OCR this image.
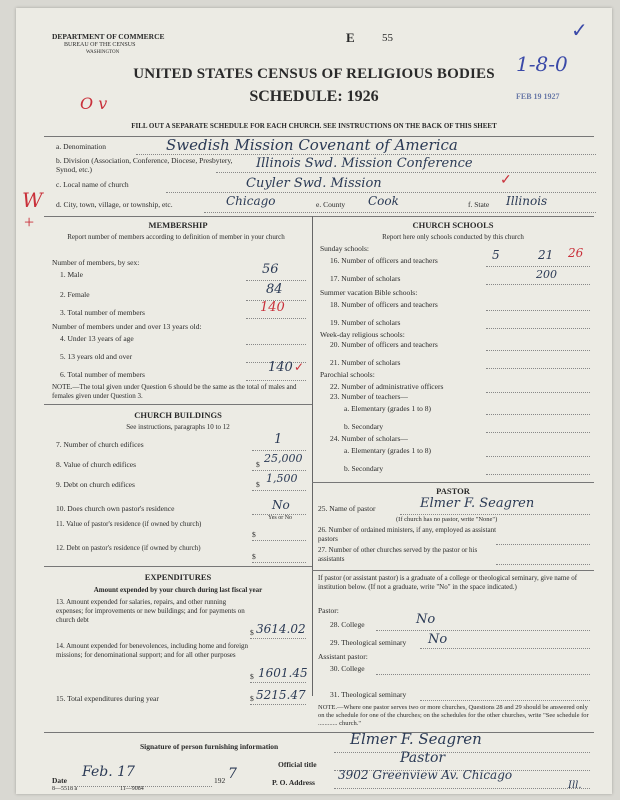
DEPARTMENT OF COMMERCE
BUREAU OF THE CENSUS
WASHINGTON
E 55
1-8-0
✓
FEB 19 1927
O v
UNITED STATES CENSUS OF RELIGIOUS BODIES
SCHEDULE: 1926
FILL OUT A SEPARATE SCHEDULE FOR EACH CHURCH. SEE INSTRUCTIONS ON THE BACK OF THIS SHEET
a. Denomination	Swedish Mission Covenant of America
b. Division (Association, Conference, Diocese, Presbytery, Synod, etc.)	Illinois Swd. Mission Conference
c. Local name of church	Cuyler Swd. Mission	✓
d. City, town, village, or township, etc.	Chicago	e. County Cook	f. State Illinois
W
+	MEMBERSHIP
Report number of members according to definition of member in your church
Number of members, by sex:
1. Male	56
2. Female	84
3. Total number of members	140
Number of members under and over 13 years old:
4. Under 13 years of age
5. 13 years old and over
6. Total number of members	140 ✓
NOTE.—The total given under Question 6 should be the same as the total of males and females given under Question 3.
CHURCH BUILDINGS
See instructions, paragraphs 10 to 12
7. Number of church edifices	1
8. Value of church edifices	$ 25,000
9. Debt on church edifices	$ 1,500
10. Does church own pastor's residence	No
Yes or No
11. Value of pastor's residence (if owned by church)
$
12. Debt on pastor's residence (if owned by church)
$
EXPENDITURES
Amount expended by your church during last fiscal year
13. Amount expended for salaries, repairs, and other running expenses; for improvements or new buildings; and for payments on church debt
$ 3614.02
14. Amount expended for benevolences, including home and foreign missions; for denominational support; and for all other purposes
$ 1601.45
15. Total expenditures during year	$ 5215.47
CHURCH SCHOOLS
Report here only schools conducted by this church
Sunday schools:
16. Number of officers and teachers	5	21 26
17. Number of scholars	200
Summer vacation Bible schools:
18. Number of officers and teachers
19. Number of scholars
Week-day religious schools:
20. Number of officers and teachers
21. Number of scholars
Parochial schools:
22. Number of administrative officers
23. Number of teachers—
a. Elementary (grades 1 to 8)
b. Secondary
24. Number of scholars—
a. Elementary (grades 1 to 8)
b. Secondary
PASTOR
25. Name of pastor	Elmer F. Seagren
(If church has no pastor, write "None")
26. Number of ordained ministers, if any, employed as assistant pastors
27. Number of other churches served by the pastor or his assistants
If pastor (or assistant pastor) is a graduate of a college or theological seminary, give name of institution below. (If not a graduate, write "No" in the space indicated.)
Pastor:
28. College	No
29. Theological seminary No
Assistant pastor:
30. College
31. Theological seminary
NOTE.—Where one pastor serves two or more churches, Questions 28 and 29 should be answered only on the schedule for one of the churches; on the schedules for the other churches, write "See schedule for ............ church."
Signature of person furnishing information	Elmer F. Seagren
Official title	Pastor
Date
Feb. 17
192 7
P. O. Address
3902 Greenview Av. Chicago
Ill.
8—5518 a	11—9084
